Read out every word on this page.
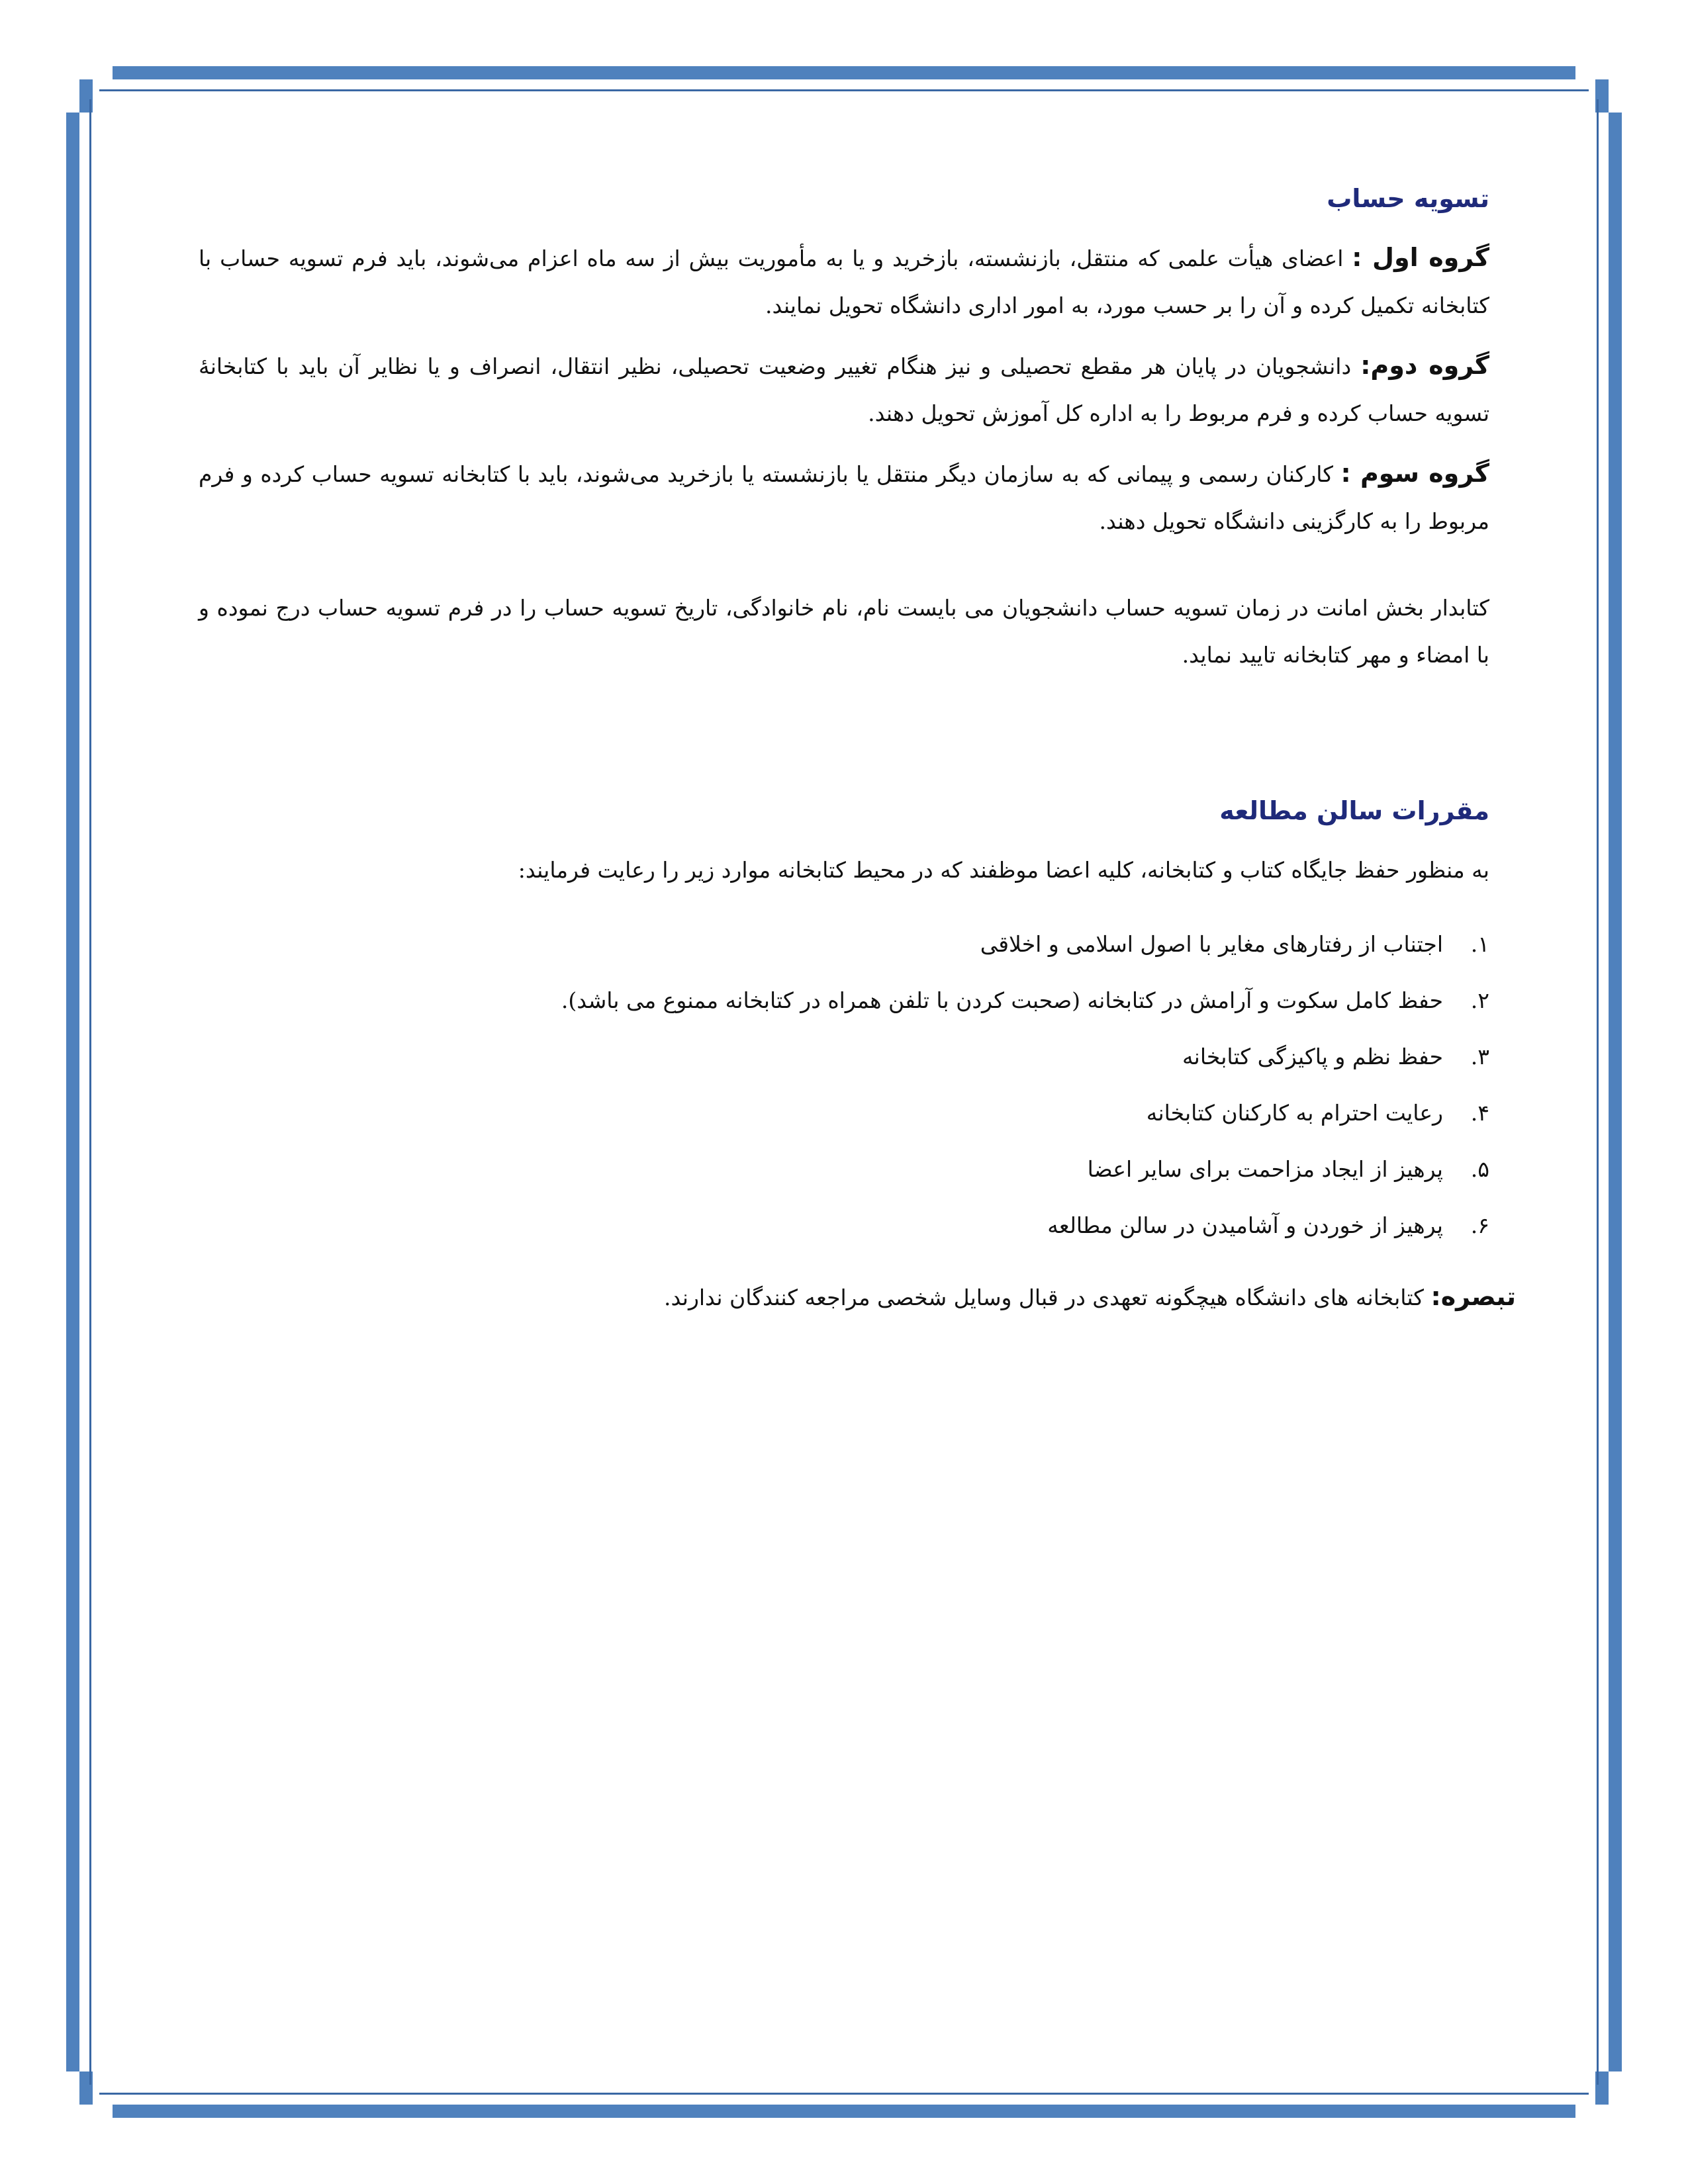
تسویه حساب

گروه اول : اعضای هیأت علمی که منتقل، بازنشسته، بازخرید و یا به مأموریت بیش از سه ماه اعزام می‌شوند، باید فرم تسویه حساب با کتابخانه تکمیل کرده و آن را بر حسب مورد، به امور اداری دانشگاه تحویل نمایند.

گروه دوم: دانشجویان در پایان هر مقطع تحصیلی و نیز هنگام تغییر وضعیت تحصیلی، نظیر انتقال، انصراف و یا نظایر آن باید با کتابخانۀ تسویه حساب کرده و فرم مربوط را به اداره کل آموزش تحویل دهند.

گروه سوم : کارکنان رسمی و پیمانی که به سازمان دیگر منتقل یا بازنشسته یا بازخرید می‌شوند، باید با کتابخانه تسویه حساب کرده و فرم مربوط را به کارگزینی دانشگاه تحویل دهند.

کتابدار بخش امانت در زمان تسویه حساب دانشجویان می بایست نام، نام خانوادگی، تاریخ تسویه حساب را در فرم تسویه حساب درج نموده و با امضاء و مهر کتابخانه تایید نماید.

مقررات سالن مطالعه

به منظور حفظ جایگاه کتاب و کتابخانه، کلیه اعضا موظفند که در محیط کتابخانه موارد زیر را رعایت فرمایند:

۱.
اجتناب از رفتارهای مغایر با اصول اسلامی و اخلاقی
۲.
حفظ کامل سکوت و آرامش در کتابخانه (صحبت کردن با تلفن همراه در کتابخانه ممنوع می باشد).
۳.
حفظ نظم و پاکیزگی کتابخانه
۴.
رعایت احترام به کارکنان کتابخانه
۵.
پرهیز از ایجاد مزاحمت برای سایر اعضا
۶.
پرهیز از خوردن و آشامیدن در سالن مطالعه

تبصره: کتابخانه های دانشگاه هیچگونه تعهدی در قبال وسایل شخصی مراجعه کنندگان ندارند.
